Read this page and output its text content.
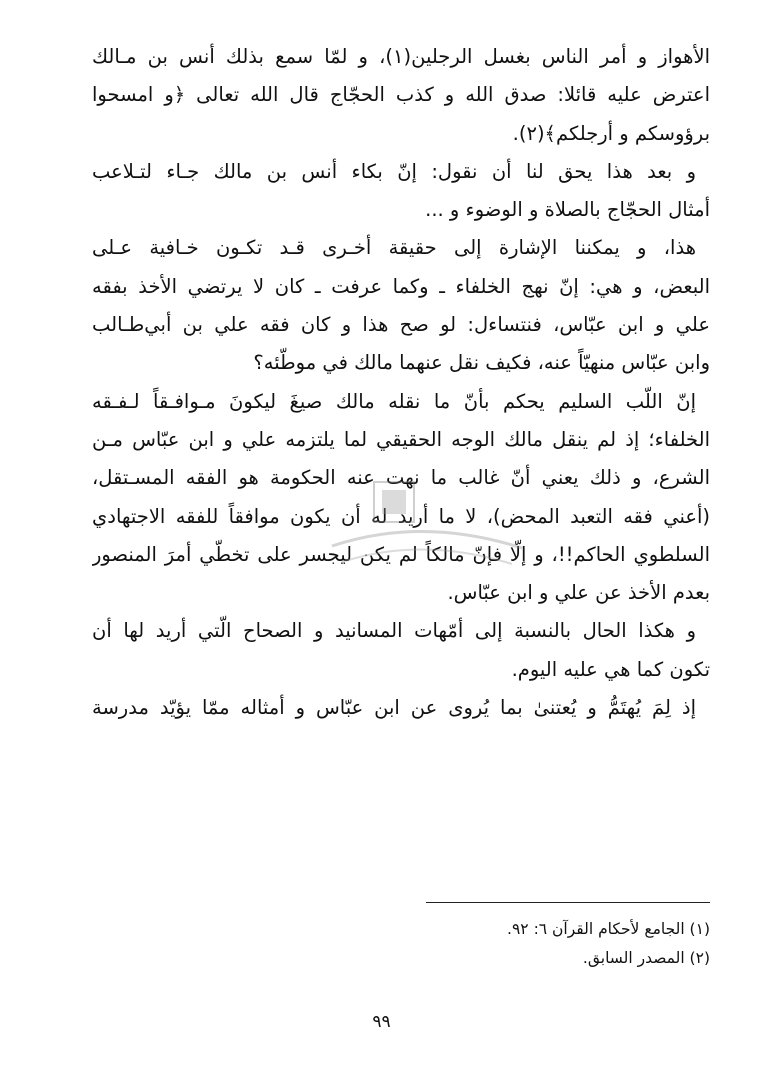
الأهواز و أمر الناس بغسل الرجلين(١)، و لمّا سمع بذلك أنس بن مـالك
اعترض عليه قائلا: صدق الله و كذب الحجّاج قال الله تعالى ﴿و امسحوا
برؤوسكم و أرجلكم﴾(٢).
و بعد هذا يحق لنا أن نقول: إنّ بكاء أنس بن مالك جـاء لتـلاعب
أمثال الحجّاج بالصلاة و الوضوء و ...
هذا، و يمكننا الإشارة إلى حقيقة أخـرى قـد تكـون خـافية عـلى
البعض، و هي: إنّ نهج الخلفاء ـ وكما عرفت ـ كان لا يرتضي الأخذ بفقه
علي و ابن عبّاس، فنتساءل: لو صح هذا و كان فقه علي بن أبي‌طـالب
وابن عبّاس منهيّاً عنه، فكيف نقل عنهما مالك في موطّئه؟
إنّ اللّب السليم يحكم بأنّ ما نقله مالك صيغَ ليكونَ مـوافـقاً لـفـقه
الخلفاء؛ إذ لم ينقل مالك الوجه الحقيقي لما يلتزمه علي و ابن عبّاس مـن
الشرع، و ذلك يعني أنّ غالب ما نهت عنه الحكومة هو الفقه المسـتقل،
(أعني فقه التعبد المحض)، لا ما أريد له أن يكون موافقاً للفقه الاجتهادي
السلطوي الحاكم!!، و إلّا فإنّ مالكاً لم يكن ليجسر على تخطّي أمرَ المنصور
بعدم الأخذ عن علي و ابن عبّاس.
و هكذا الحال بالنسبة إلى أمّهات المسانيد و الصحاح الّتي أريد لها أن
تكون كما هي عليه اليوم.
إذ لِمَ يُهتَمُّ و يُعتنىٰ بما يُروى عن ابن عبّاس و أمثاله ممّا يؤيّد مدرسة
(١) الجامع لأحكام القرآن ٦: ٩٢.
(٢) المصدر السابق.
٩٩
